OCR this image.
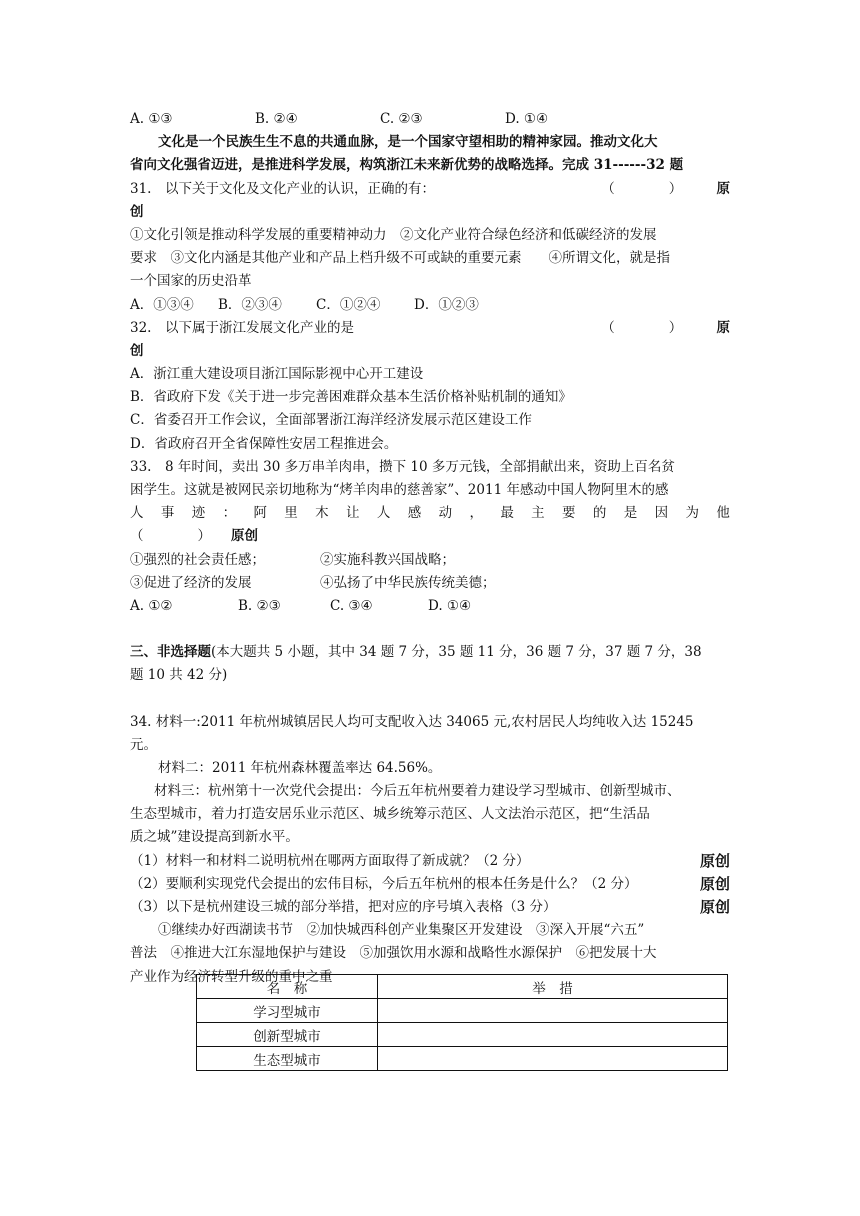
A. ①③	B. ②④	C. ②③	D. ①④
文化是一个民族生生不息的共通血脉，是一个国家守望相助的精神家园。推动文化大
省向文化强省迈进，是推进科学发展，构筑浙江未来新优势的战略选择。完成 31------32 题
31.　以下关于文化及文化产业的认识，正确的有：	（　　　　）	原
创
①文化引领是推动科学发展的重要精神动力　②文化产业符合绿色经济和低碳经济的发展
要求　③文化内涵是其他产业和产品上档升级不可或缺的重要元素　　④所谓文化，就是指
一个国家的历史沿革
A．①③④ B．②③④	C．①②④ D．①②③
32.　以下属于浙江发展文化产业的是	（　　　　）	原
创
A．浙江重大建设项目浙江国际影视中心开工建设
B．省政府下发《关于进一步完善困难群众基本生活价格补贴机制的通知》
C．省委召开工作会议，全面部署浙江海洋经济发展示范区建设工作
D．省政府召开全省保障性安居工程推进会。
33.　8 年时间，卖出 30 多万串羊肉串，攒下 10 多万元钱，全部捐献出来，资助上百名贫
困学生。这就是被网民亲切地称为“烤羊肉串的慈善家”、2011 年感动中国人物阿里木的感
人 事 迹 ： 阿 里 木 让 人 感 动 ， 最 主 要 的 是 因 为 他
（　　　　） 原创
①强烈的社会责任感；	②实施科教兴国战略；
③促进了经济的发展	④弘扬了中华民族传统美德；
A. ①②	B. ②③	C. ③④	D. ①④
三、非选择题(本大题共 5 小题，其中 34 题 7 分，35 题 11 分，36 题 7 分，37 题 7 分，38
题 10 共 42 分)
34. 材料一:2011 年杭州城镇居民人均可支配收入达 34065 元,农村居民人均纯收入达 15245
元。
材料二：2011 年杭州森林覆盖率达 64.56%。
材料三：杭州第十一次党代会提出：今后五年杭州要着力建设学习型城市、创新型城市、
生态型城市，着力打造安居乐业示范区、城乡统筹示范区、人文法治示范区，把“生活品
质之城”建设提高到新水平。
（1）材料一和材料二说明杭州在哪两方面取得了新成就？（2 分）	原创
（2）要顺利实现党代会提出的宏伟目标，今后五年杭州的根本任务是什么？（2 分）	原创
（3）以下是杭州建设三城的部分举措，把对应的序号填入表格（3 分）	原创
①继续办好西湖读书节　②加快城西科创产业集聚区开发建设　③深入开展“六五”
普法　④推进大江东湿地保护与建设　⑤加强饮用水源和战略性水源保护　⑥把发展十大
产业作为经济转型升级的重中之重
名　称	举　措
学习型城市	
创新型城市	
生态型城市	
